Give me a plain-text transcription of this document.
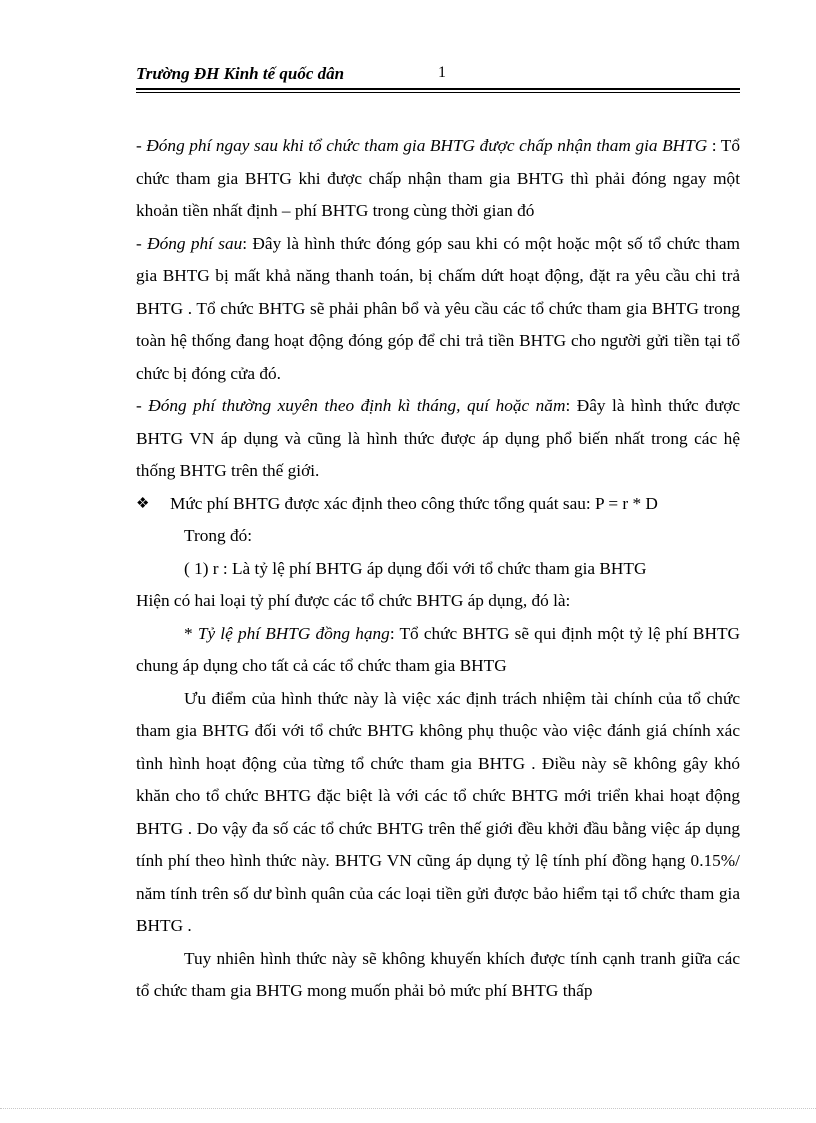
Trường ĐH Kinh tế quốc dân	1

- Đóng phí ngay sau khi tổ chức tham gia BHTG được chấp nhận tham gia BHTG : Tổ chức tham gia BHTG khi được chấp nhận tham gia BHTG thì phải đóng ngay một khoản tiền nhất định – phí BHTG trong cùng thời gian đó

- Đóng phí sau: Đây là hình thức đóng góp sau khi có một hoặc một số tổ chức tham gia BHTG bị mất khả năng thanh toán, bị chấm dứt hoạt động, đặt ra yêu cầu chi trả BHTG . Tổ chức BHTG sẽ phải phân bổ và yêu cầu các tổ chức tham gia BHTG trong toàn hệ thống đang hoạt động đóng góp để chi trả tiền BHTG cho người gửi tiền tại tổ chức bị đóng cửa đó.

- Đóng phí thường xuyên theo định kì tháng, quí hoặc năm: Đây là hình thức được BHTG VN áp dụng và cũng là hình thức được áp dụng phổ biến nhất trong các hệ thống BHTG trên thế giới.

❖	Mức phí BHTG được xác định theo công thức tổng quát sau: P = r * D

Trong đó:

( 1) r : Là tỷ lệ phí BHTG áp dụng đối với tổ chức tham gia BHTG

Hiện có hai loại tỷ phí được các tổ chức BHTG áp dụng, đó là:

* Tỷ lệ phí BHTG đồng hạng: Tổ chức BHTG sẽ qui định một tỷ lệ phí BHTG chung áp dụng cho tất cả các tổ chức tham gia BHTG

Ưu điểm của hình thức này là việc xác định trách nhiệm tài chính của tổ chức tham gia BHTG đối với tổ chức BHTG không phụ thuộc vào việc đánh giá chính xác tình hình hoạt động của từng tổ chức tham gia BHTG . Điều này sẽ không gây khó khăn cho tổ chức BHTG đặc biệt là với các tổ chức BHTG mới triển khai hoạt động BHTG . Do vậy đa số các tổ chức BHTG trên thế giới đều khởi đầu bằng việc áp dụng tính phí theo hình thức này. BHTG VN cũng áp dụng tỷ lệ tính phí đồng hạng 0.15%/ năm tính trên số dư bình quân của các loại tiền gửi được bảo hiểm tại tổ chức tham gia BHTG .

Tuy nhiên hình thức này sẽ không khuyến khích được tính cạnh tranh giữa các tổ chức tham gia BHTG mong muốn phải bỏ mức phí BHTG thấp
